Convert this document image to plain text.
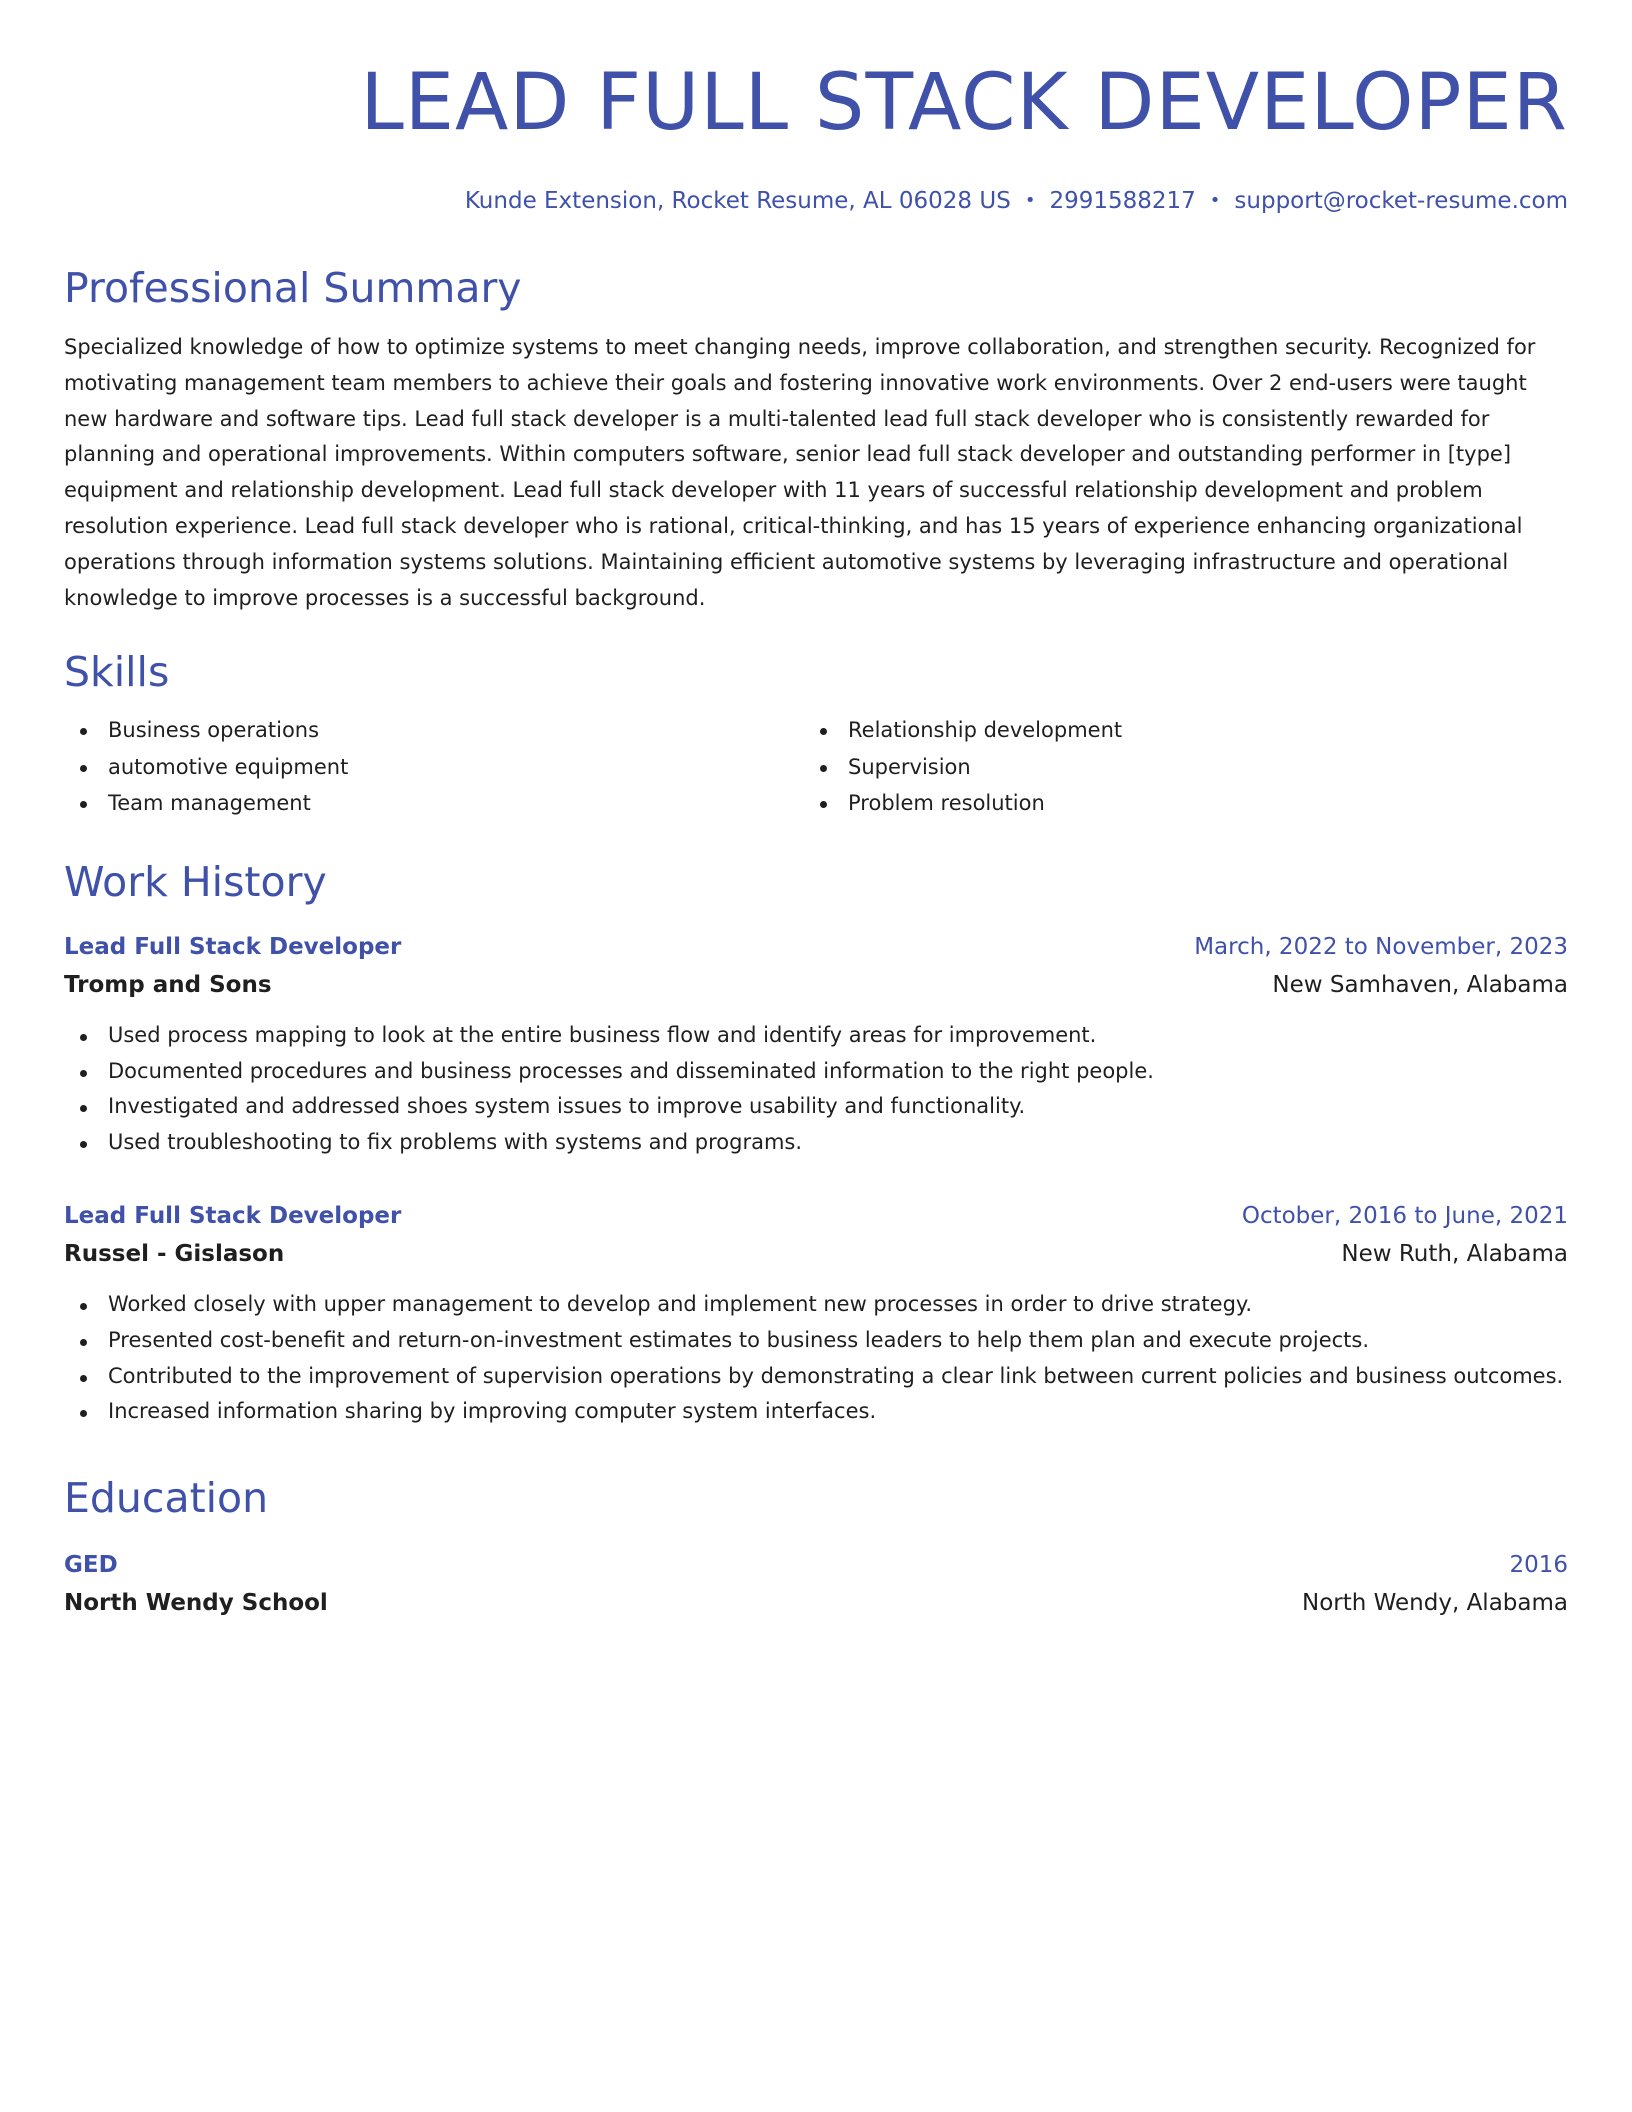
LEAD FULL STACK DEVELOPER
Kunde Extension, Rocket Resume, AL 06028 US • 2991588217 • support@rocket-resume.com
Professional Summary
Specialized knowledge of how to optimize systems to meet changing needs, improve collaboration, and strengthen security. Recognized for motivating management team members to achieve their goals and fostering innovative work environments. Over 2 end-users were taught new hardware and software tips. Lead full stack developer is a multi-talented lead full stack developer who is consistently rewarded for planning and operational improvements. Within computers software, senior lead full stack developer and outstanding performer in [type] equipment and relationship development. Lead full stack developer with 11 years of successful relationship development and problem resolution experience. Lead full stack developer who is rational, critical-thinking, and has 15 years of experience enhancing organizational operations through information systems solutions. Maintaining efficient automotive systems by leveraging infrastructure and operational knowledge to improve processes is a successful background.
Skills
Business operations
automotive equipment
Team management
Relationship development
Supervision
Problem resolution
Work History
Lead Full Stack Developer	March, 2022 to November, 2023
Tromp and Sons	New Samhaven, Alabama
Used process mapping to look at the entire business flow and identify areas for improvement.
Documented procedures and business processes and disseminated information to the right people.
Investigated and addressed shoes system issues to improve usability and functionality.
Used troubleshooting to fix problems with systems and programs.
Lead Full Stack Developer	October, 2016 to June, 2021
Russel - Gislason	New Ruth, Alabama
Worked closely with upper management to develop and implement new processes in order to drive strategy.
Presented cost-benefit and return-on-investment estimates to business leaders to help them plan and execute projects.
Contributed to the improvement of supervision operations by demonstrating a clear link between current policies and business outcomes.
Increased information sharing by improving computer system interfaces.
Education
GED	2016
North Wendy School	North Wendy, Alabama
